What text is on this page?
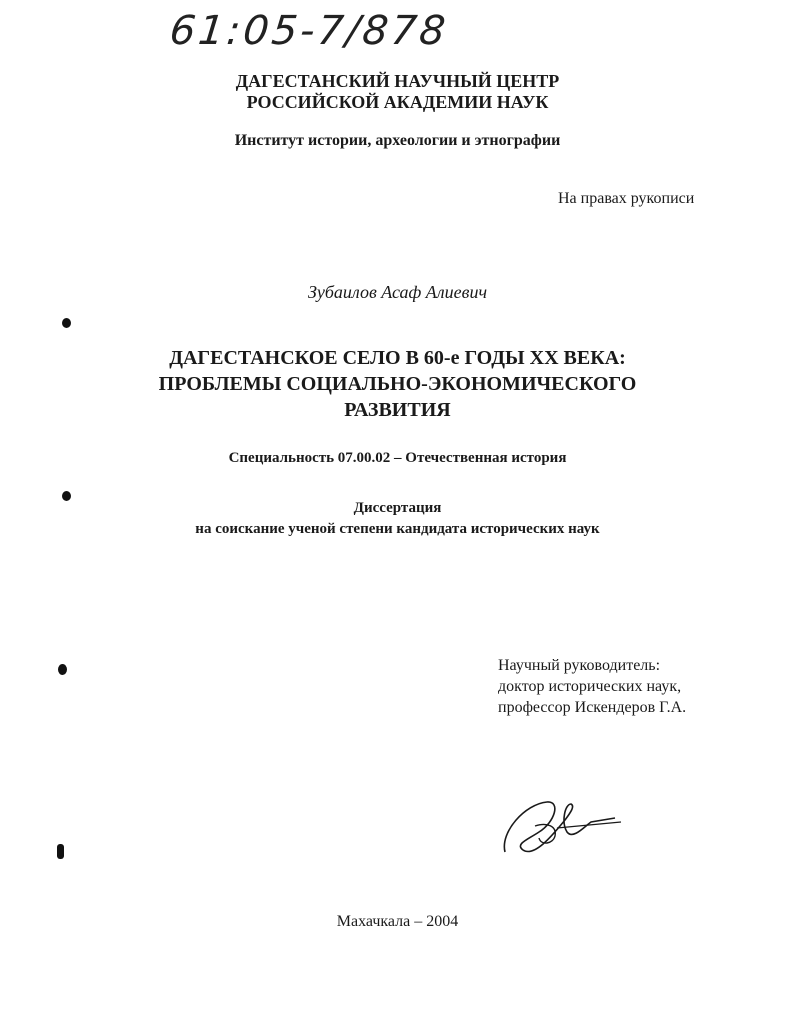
61:05-7/878
ДАГЕСТАНСКИЙ НАУЧНЫЙ ЦЕНТР
РОССИЙСКОЙ АКАДЕМИИ НАУК
Институт истории, археологии и этнографии
На правах рукописи
Зубаилов Асаф Алиевич
ДАГЕСТАНСКОЕ СЕЛО В 60-е ГОДЫ XX ВЕКА:
ПРОБЛЕМЫ СОЦИАЛЬНО-ЭКОНОМИЧЕСКОГО
РАЗВИТИЯ
Специальность 07.00.02 – Отечественная история
Диссертация
на соискание ученой степени кандидата исторических наук
Научный руководитель:
доктор исторических наук,
профессор Искендеров Г.А.
Махачкала – 2004
